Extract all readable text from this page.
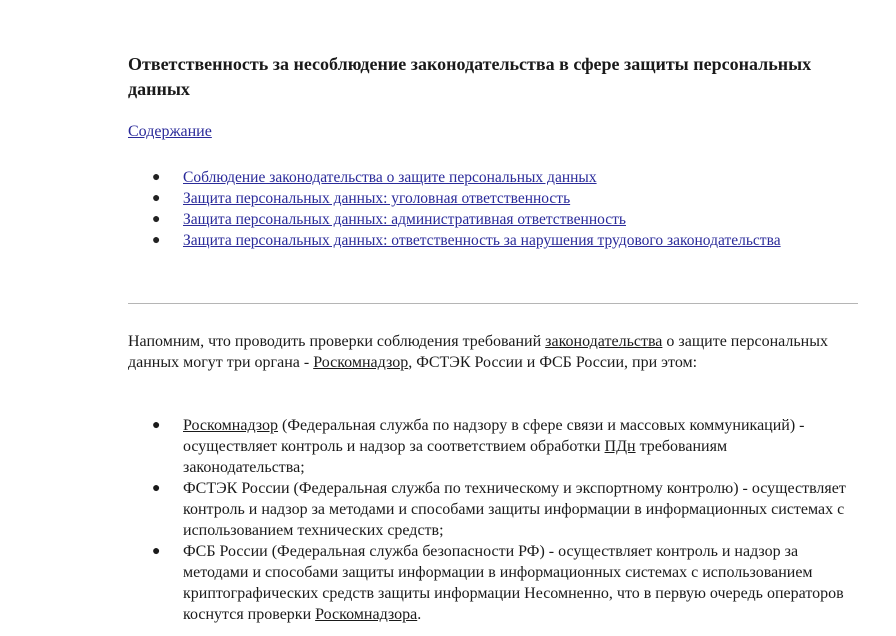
Ответственность за несоблюдение законодательства в сфере защиты персональных данных
Содержание
● Соблюдение законодательства о защите персональных данных
● Защита персональных данных: уголовная ответственность
● Защита персональных данных: административная ответственность
● Защита персональных данных: ответственность за нарушения трудового законодательства

Напомним, что проводить проверки соблюдения требований законодательства о защите персональных данных могут три органа - Роскомнадзор, ФСТЭК России и ФСБ России, при этом:

● Роскомнадзор (Федеральная служба по надзору в сфере связи и массовых коммуникаций) - осуществляет контроль и надзор за соответствием обработки ПДн требованиям законодательства;
● ФСТЭК России (Федеральная служба по техническому и экспортному контролю) - осуществляет контроль и надзор за методами и способами защиты информации в информационных системах с использованием технических средств;
● ФСБ России (Федеральная служба безопасности РФ) - осуществляет контроль и надзор за методами и способами защиты информации в информационных системах с использованием криптографических средств защиты информации Несомненно, что в первую очередь операторов коснутся проверки Роскомнадзора.
